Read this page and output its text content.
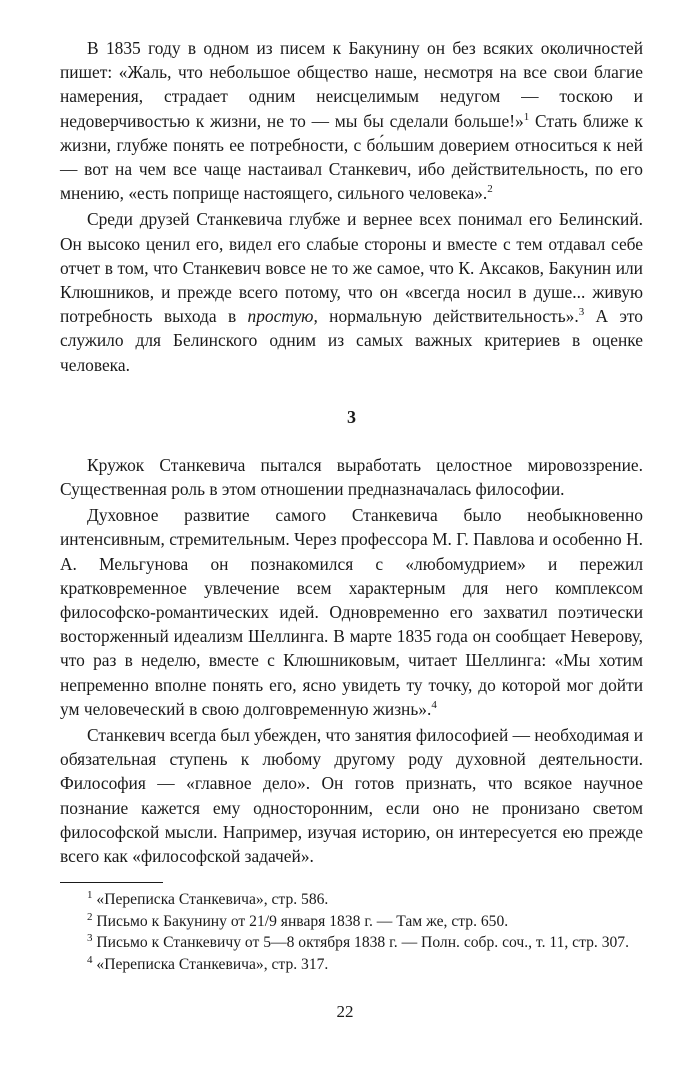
В 1835 году в одном из писем к Бакунину он без всяких околичностей пишет: «Жаль, что небольшое общество наше, несмотря на все свои благие намерения, страдает одним неисцелимым недугом — тоскою и недоверчивостью к жизни, не то — мы бы сделали больше!»$^1$ Стать ближе к жизни, глубже понять ее потребности, с бо́льшим доверием относиться к ней — вот на чем все чаще настаивал Станкевич, ибо действительность, по его мнению, «есть поприще настоящего, сильного человека».$^2$

Среди друзей Станкевича глубже и вернее всех понимал его Белинский. Он высоко ценил его, видел его слабые стороны и вместе с тем отдавал себе отчет в том, что Станкевич вовсе не то же самое, что К. Аксаков, Бакунин или Клюшников, и прежде всего потому, что он «всегда носил в душе... живую потребность выхода в простую, нормальную действительность».$^3$ А это служило для Белинского одним из самых важных критериев в оценке человека.

3

Кружок Станкевича пытался выработать целостное мировоззрение. Существенная роль в этом отношении предназначалась философии.

Духовное развитие самого Станкевича было необыкновенно интенсивным, стремительным. Через профессора М. Г. Павлова и особенно Н. А. Мельгунова он познакомился с «любомудрием» и пережил кратковременное увлечение всем характерным для него комплексом философско-романтических идей. Одновременно его захватил поэтически восторженный идеализм Шеллинга. В марте 1835 года он сообщает Неверову, что раз в неделю, вместе с Клюшниковым, читает Шеллинга: «Мы хотим непременно вполне понять его, ясно увидеть ту точку, до которой мог дойти ум человеческий в свою долговременную жизнь».$^4$

Станкевич всегда был убежден, что занятия философией — необходимая и обязательная ступень к любому другому роду духовной деятельности. Философия — «главное дело». Он готов признать, что всякое научное познание кажется ему односторонним, если оно не пронизано светом философской мысли. Например, изучая историю, он интересуется ею прежде всего как «философской задачей».

$^1$ «Переписка Станкевича», стр. 586.

$^2$ Письмо к Бакунину от 21/9 января 1838 г. — Там же, стр. 650.

$^3$ Письмо к Станкевичу от 5—8 октября 1838 г. — Полн. собр. соч., т. 11, стр. 307.

$^4$ «Переписка Станкевича», стр. 317.

22
